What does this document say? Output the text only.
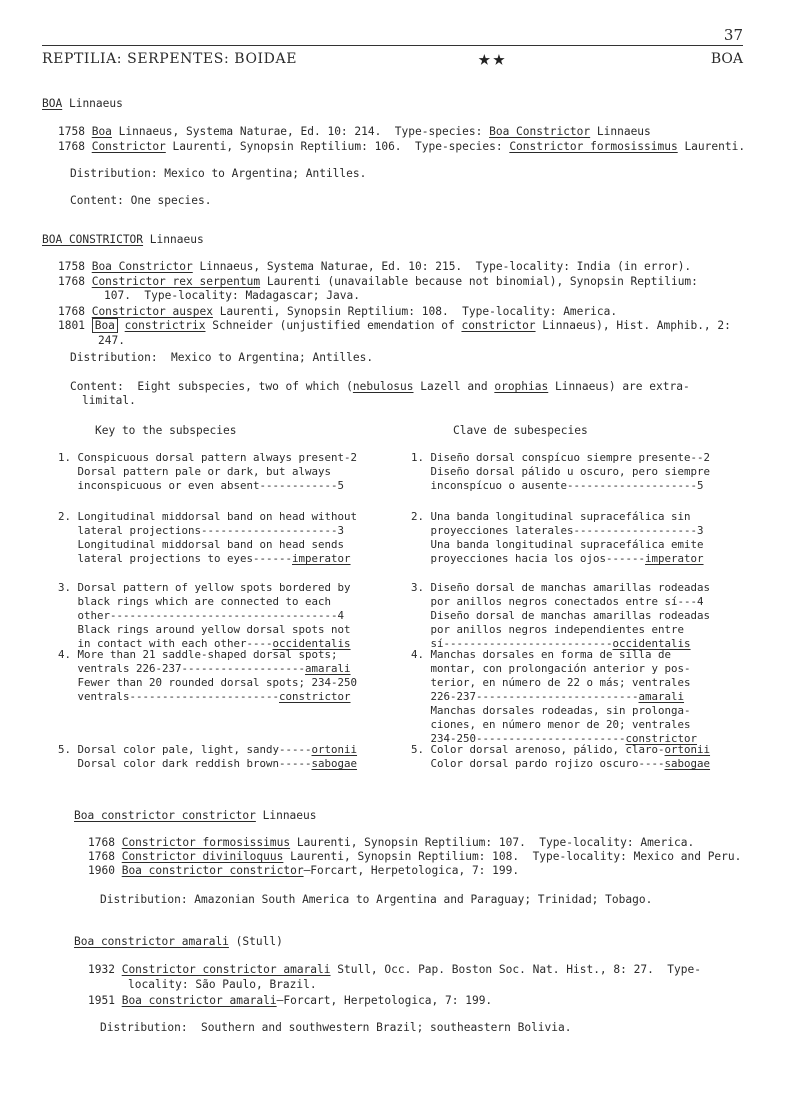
37
REPTILIA: SERPENTES: BOIDAE	★★	BOA
BOA Linnaeus
1758 Boa Linnaeus, Systema Naturae, Ed. 10: 214.  Type-species: Boa Constrictor Linnaeus
1768 Constrictor Laurenti, Synopsin Reptilium: 106.  Type-species: Constrictor formosissimus Laurenti.
Distribution: Mexico to Argentina; Antilles.
Content: One species.
BOA CONSTRICTOR Linnaeus
1758 Boa Constrictor Linnaeus, Systema Naturae, Ed. 10: 215.  Type-locality: India (in error).
1768 Constrictor rex serpentum Laurenti (unavailable because not binomial), Synopsin Reptilium:
107.  Type-locality: Madagascar; Java.
1768 Constrictor auspex Laurenti, Synopsin Reptilium: 108.  Type-locality: America.
1801 Boa constrictrix Schneider (unjustified emendation of constrictor Linnaeus), Hist. Amphib., 2:
247.
Distribution:  Mexico to Argentina; Antilles.
Content:  Eight subspecies, two of which (nebulosus Lazell and orophias Linnaeus) are extra-
limital.
Key to the subspecies	Clave de subespecies
1. Conspicuous dorsal pattern always present-2
Dorsal pattern pale or dark, but always
inconspicuous or even absent------------5
2. Longitudinal middorsal band on head without
lateral projections---------------------3
Longitudinal middorsal band on head sends
lateral projections to eyes------imperator
3. Dorsal pattern of yellow spots bordered by
black rings which are connected to each
other-----------------------------------4
Black rings around yellow dorsal spots not
in contact with each other----occidentalis
4. More than 21 saddle-shaped dorsal spots;
ventrals 226-237-------------------amarali
Fewer than 20 rounded dorsal spots; 234-250
ventrals-----------------------constrictor
5. Dorsal color pale, light, sandy-----ortonii
Dorsal color dark reddish brown-----sabogae
1. Diseño dorsal conspícuo siempre presente--2
Diseño dorsal pálido u oscuro, pero siempre
inconspícuo o ausente--------------------5
2. Una banda longitudinal supracefálica sin
proyecciones laterales-------------------3
Una banda longitudinal supracefálica emite
proyecciones hacia los ojos------imperator
3. Diseño dorsal de manchas amarillas rodeadas
por anillos negros conectados entre sí---4
Diseño dorsal de manchas amarillas rodeadas
por anillos negros independientes entre
sí--------------------------occidentalis
4. Manchas dorsales en forma de silla de
montar, con prolongación anterior y pos-
terior, en número de 22 o más; ventrales
226-237-------------------------amarali
Manchas dorsales rodeadas, sin prolonga-
ciones, en número menor de 20; ventrales
234-250-----------------------constrictor
5. Color dorsal arenoso, pálido, claro-ortonii
Color dorsal pardo rojizo oscuro----sabogae
Boa constrictor constrictor Linnaeus
1768 Constrictor formosissimus Laurenti, Synopsin Reptilium: 107.  Type-locality: America.
1768 Constrictor diviniloquus Laurenti, Synopsin Reptilium: 108.  Type-locality: Mexico and Peru.
1960 Boa constrictor constrictor—Forcart, Herpetologica, 7: 199.
Distribution: Amazonian South America to Argentina and Paraguay; Trinidad; Tobago.
Boa constrictor amarali (Stull)
1932 Constrictor constrictor amarali Stull, Occ. Pap. Boston Soc. Nat. Hist., 8: 27.  Type-
locality: São Paulo, Brazil.
1951 Boa constrictor amarali—Forcart, Herpetologica, 7: 199.
Distribution:  Southern and southwestern Brazil; southeastern Bolivia.
